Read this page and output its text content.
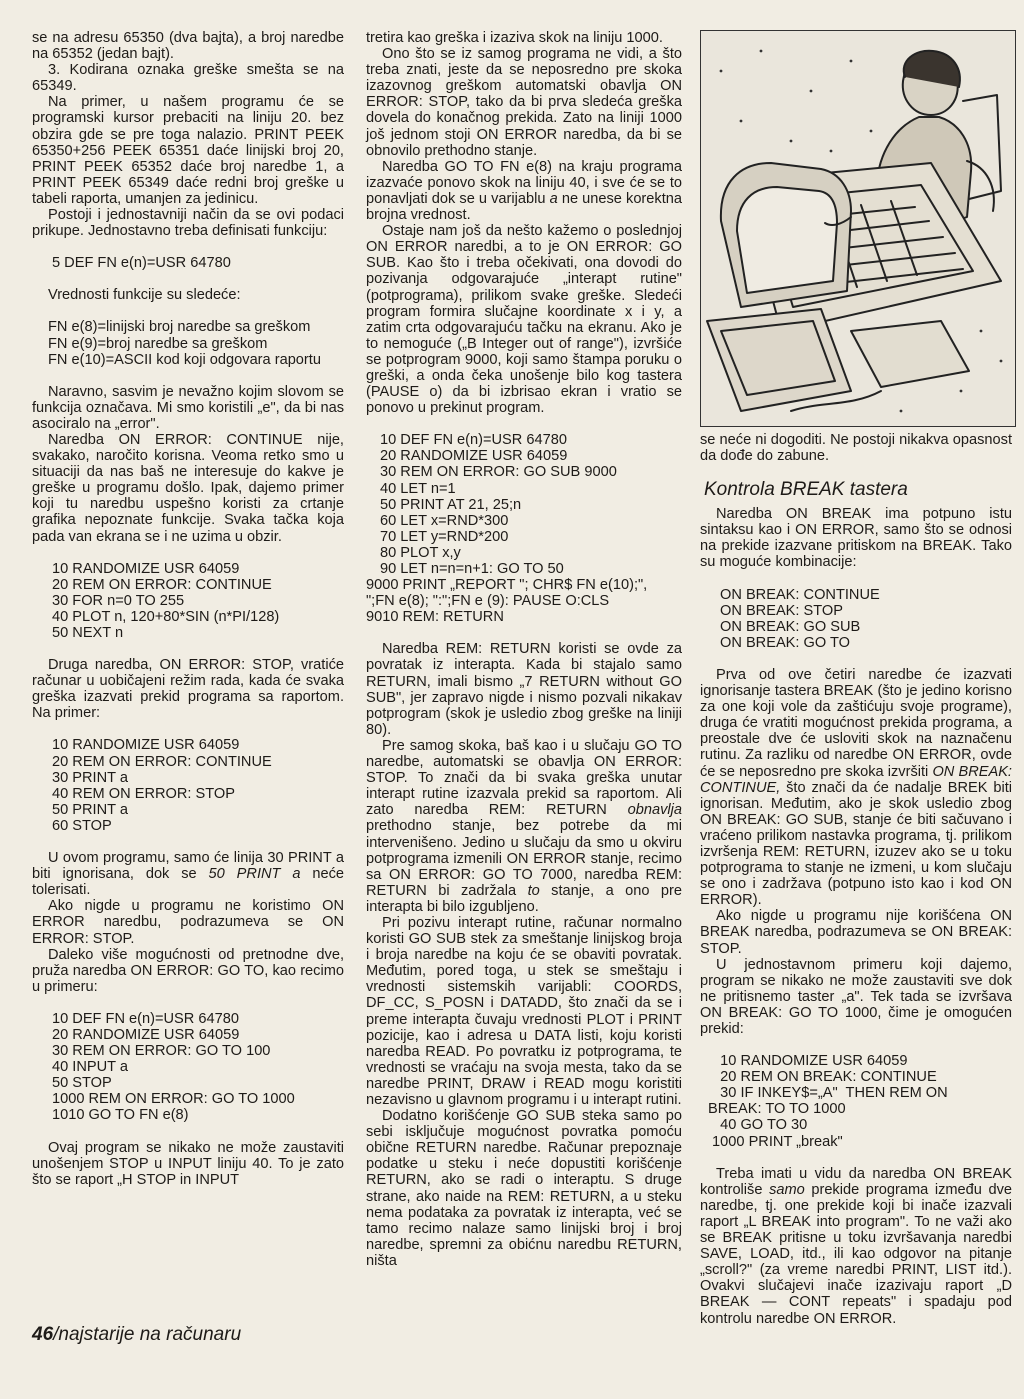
se na adresu 65350 (dva bajta), a broj naredbe na 65352 (jedan bajt).

3. Kodirana oznaka greške smešta se na 65349.

Na primer, u našem programu će se programski kursor prebaciti na liniju 20. bez obzira gde se pre toga nalazio. PRINT PEEK 65350+256 PEEK 65351 daće linijski broj 20, PRINT PEEK 65352 daće broj naredbe 1, a PRINT PEEK 65349 daće redni broj greške u tabeli raporta, umanjen za jedinicu.

Postoji i jednostavniji način da se ovi podaci prikupe. Jednostavno treba definisati funkciju:

5 DEF FN e(n)=USR 64780

Vrednosti funkcije su sledeće:

FN e(8)=linijski broj naredbe sa greškom

FN e(9)=broj naredbe sa greškom

FN e(10)=ASCII kod koji odgovara raportu

Naravno, sasvim je nevažno kojim slovom se funkcija označava. Mi smo koristili „e", da bi nas asociralo na „error".

Naredba ON ERROR: CONTINUE nije, svakako, naročito korisna. Veoma retko smo u situaciji da nas baš ne interesuje do kakve je greške u programu došlo. Ipak, dajemo primer koji tu naredbu uspešno koristi za crtanje grafika nepoznate funkcije. Svaka tačka koja pada van ekrana se i ne uzima u obzir.

10 RANDOMIZE USR 64059

20 REM ON ERROR: CONTINUE

30 FOR n=0 TO 255

40 PLOT n, 120+80*SIN (n*PI/128)

50 NEXT n

Druga naredba, ON ERROR: STOP, vratiće računar u uobičajeni režim rada, kada će svaka greška izazvati prekid programa sa raportom. Na primer:

10 RANDOMIZE USR 64059

20 REM ON ERROR: CONTINUE

30 PRINT a

40 REM ON ERROR: STOP

50 PRINT a

60 STOP

U ovom programu, samo će linija 30 PRINT a biti ignorisana, dok se 50 PRINT a neće tolerisati.

Ako nigde u programu ne koristimo ON ERROR naredbu, podrazumeva se ON ERROR: STOP.

Daleko više mogućnosti od pretnodne dve, pruža naredba ON ERROR: GO TO, kao recimo u primeru:

10 DEF FN e(n)=USR 64780

20 RANDOMIZE USR 64059

30 REM ON ERROR: GO TO 100

40 INPUT a

50 STOP

1000 REM ON ERROR: GO TO 1000

1010 GO TO FN e(8)

Ovaj program se nikako ne može zaustaviti unošenjem STOP u INPUT liniju 40. To je zato što se raport „H STOP in INPUT

tretira kao greška i izaziva skok na liniju 1000.

Ono što se iz samog programa ne vidi, a što treba znati, jeste da se neposredno pre skoka izazovnog greškom automatski obavlja ON ERROR: STOP, tako da bi prva sledeća greška dovela do konačnog prekida. Zato na liniji 1000 još jednom stoji ON ERROR naredba, da bi se obnovilo prethodno stanje.

Naredba GO TO FN e(8) na kraju programa izazvaće ponovo skok na liniju 40, i sve će se to ponavljati dok se u varijablu a ne unese korektna brojna vrednost.

Ostaje nam još da nešto kažemo o poslednjoj ON ERROR naredbi, a to je ON ERROR: GO SUB. Kao što i treba očekivati, ona dovodi do pozivanja odgovarajuće „interapt rutine" (potprograma), prilikom svake greške. Sledeći program formira slučajne koordinate x i y, a zatim crta odgovarajuću tačku na ekranu. Ako je to nemoguće („B Integer out of range"), izvršiće se potprogram 9000, koji samo štampa poruku o greški, a onda čeka unošenje bilo kog tastera (PAUSE o) da bi izbrisao ekran i vratio se ponovo u prekinut program.

10 DEF FN e(n)=USR 64780

20 RANDOMIZE USR 64059

30 REM ON ERROR: GO SUB 9000

40 LET n=1

50 PRINT AT 21, 25;n

60 LET x=RND*300

70 LET y=RND*200

80 PLOT x,y

90 LET n=n=n+1: GO TO 50

9000 PRINT „REPORT "; CHR$ FN e(10);",

";FN e(8); ":";FN e (9): PAUSE O:CLS

9010 REM: RETURN

Naredba REM: RETURN koristi se ovde za povratak iz interapta. Kada bi stajalo samo RETURN, imali bismo „7 RETURN without GO SUB", jer zapravo nigde i nismo pozvali nikakav potprogram (skok je usledio zbog greške na liniji 80).

Pre samog skoka, baš kao i u slučaju GO TO naredbe, automatski se obavlja ON ERROR: STOP. To znači da bi svaka greška unutar interapt rutine izazvala prekid sa raportom. Ali zato naredba REM: RETURN obnavlja prethodno stanje, bez potrebe da mi intervenišeno. Jedino u slučaju da smo u okviru potprograma izmenili ON ERROR stanje, recimo sa ON ERROR: GO TO 7000, naredba REM: RETURN bi zadržala to stanje, a ono pre interapta bi bilo izgubljeno.

Pri pozivu interapt rutine, računar normalno koristi GO SUB stek za smeštanje linijskog broja i broja naredbe na koju će se obaviti povratak. Međutim, pored toga, u stek se smeštaju i vrednosti sistemskih varijabli: COORDS, DF_CC, S_POSN i DATADD, što znači da se i preme interapta čuvaju vrednosti PLOT i PRINT pozicije, kao i adresa u DATA listi, koju koristi naredba READ. Po povratku iz potprograma, te vrednosti se vraćaju na svoja mesta, tako da se naredbe PRINT, DRAW i READ mogu koristiti nezavisno u glavnom programu i u interapt rutini.

Dodatno korišćenje GO SUB steka samo po sebi isključuje mogućnost povratka pomoću obične RETURN naredbe. Računar prepoznaje podatke u steku i neće dopustiti korišćenje RETURN, ako se radi o interaptu. S druge strane, ako naide na REM: RETURN, a u steku nema podataka za povratak iz interapta, već se tamo recimo nalaze samo linijski broj i broj naredbe, spremni za obićnu naredbu RETURN, ništa

se neće ni dogoditi. Ne postoji nikakva opasnost da dođe do zabune.

Kontrola BREAK tastera

Naredba ON BREAK ima potpuno istu sintaksu kao i ON ERROR, samo što se odnosi na prekide izazvane pritiskom na BREAK. Tako su moguće kombinacije:

ON BREAK: CONTINUE

ON BREAK: STOP

ON BREAK: GO SUB

ON BREAK: GO TO

Prva od ove četiri naredbe će izazvati ignorisanje tastera BREAK (što je jedino korisno za one koji vole da zaštićuju svoje programe), druga će vratiti mogućnost prekida programa, a preostale dve će usloviti skok na naznačenu rutinu. Za razliku od naredbe ON ERROR, ovde će se neposredno pre skoka izvršiti ON BREAK: CONTINUE, što znači da će nadalje BREK biti ignorisan. Međutim, ako je skok usledio zbog ON BREAK: GO SUB, stanje će biti sačuvano i vraćeno prilikom nastavka programa, tj. prilikom izvršenja REM: RETURN, izuzev ako se u toku potprograma to stanje ne izmeni, u kom slučaju se ono i zadržava (potpuno isto kao i kod ON ERROR).

Ako nigde u programu nije korišćena ON BREAK naredba, podrazumeva se ON BREAK: STOP.

U jednostavnom primeru koji dajemo, program se nikako ne može zaustaviti sve dok ne pritisnemo taster „a". Tek tada se izvršava ON BREAK: GO TO 1000, čime je omogućen prekid:

10 RANDOMIZE USR 64059

20 REM ON BREAK: CONTINUE

30 IF INKEY$=„A"  THEN REM ON

BREAK: TO TO 1000

40 GO TO 30

1000 PRINT „break"

Treba imati u vidu da naredba ON BREAK kontroliše samo prekide programa između dve naredbe, tj. one prekide koji bi inače izazvali raport „L BREAK into program". To ne važi ako se BREAK pritisne u toku izvršavanja naredbi SAVE, LOAD, itd., ili kao odgovor na pitanje „scroll?" (za vreme naredbi PRINT, LIST itd.). Ovakvi slučajevi inače izazivaju raport „D BREAK — CONT repeats" i spadaju pod kontrolu naredbe ON ERROR.

46/najstarije na računaru
